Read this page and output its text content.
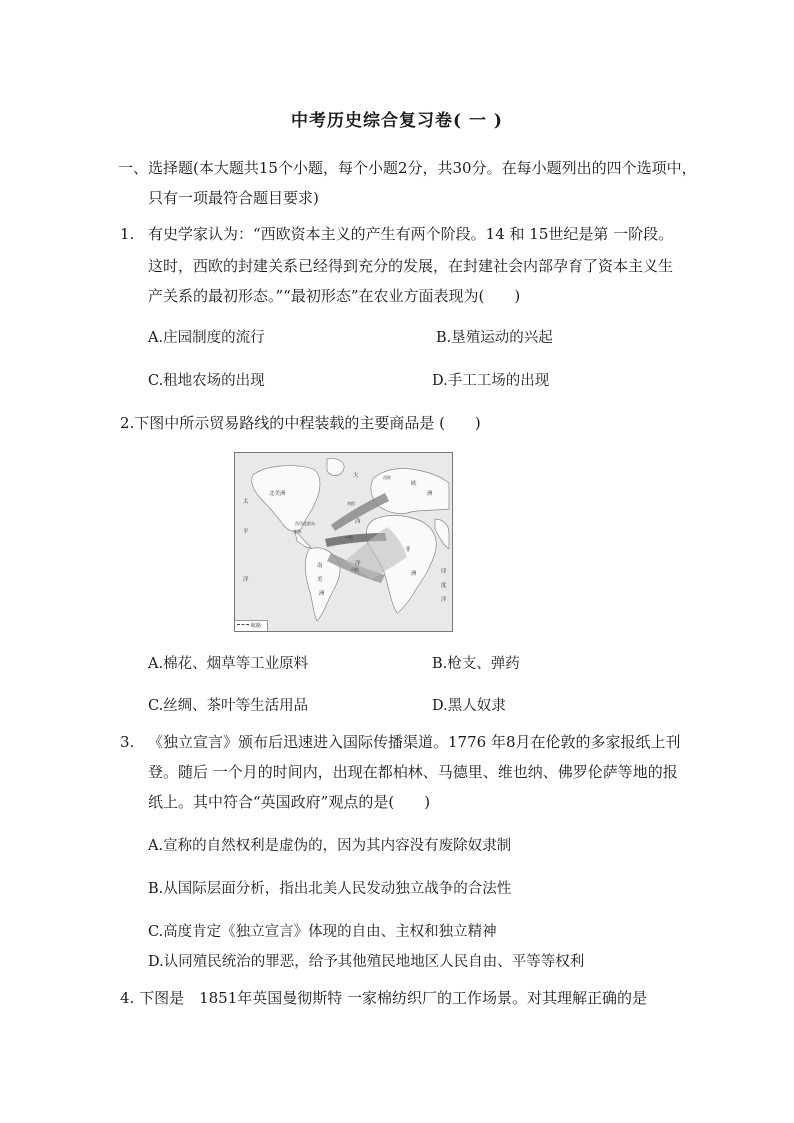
中考历史综合复习卷( 一 )
一、选择题(本大题共15个小题，每个小题2分，共30分。在每小题列出的四个选项中，
只有一项最符合题目要求)
1. 有史学家认为：“西欧资本主义的产生有两个阶段。14 和 15世纪是第 一阶段。
这时，西欧的封建关系已经得到充分的发展，在封建社会内部孕育了资本主义生
产关系的最初形态。”“最初形态”在农业方面表现为(　　)
A.庄园制度的流行	B.垦殖运动的兴起
C.租地农场的出现	D.手工工场的出现
2.下图中所示贸易路线的中程装载的主要商品是 (　　)
北美洲
太
平
洋
大
西
洋
南
美
洲
欧
洲
非
洲	印
度
洋
西印度群岛
美洲
西欧
初程
中程
归程
航路
A.棉花、烟草等工业原料	B.枪支、弹药
C.丝绸、茶叶等生活用品	D.黑人奴隶
3. 《独立宣言》颁布后迅速进入国际传播渠道。1776 年8月在伦敦的多家报纸上刊
登。随后 一个月的时间内，出现在都柏林、马德里、维也纳、佛罗伦萨等地的报
纸上。其中符合“英国政府”观点的是(　　)
A.宣称的自然权利是虚伪的，因为其内容没有废除奴隶制
B.从国际层面分析，指出北美人民发动独立战争的合法性
C.高度肯定《独立宣言》体现的自由、主权和独立精神
D.认同殖民统治的罪恶，给予其他殖民地地区人民自由、平等等权利
4. 下图是　1851年英国曼彻斯特 一家棉纺织厂的工作场景。对其理解正确的是
